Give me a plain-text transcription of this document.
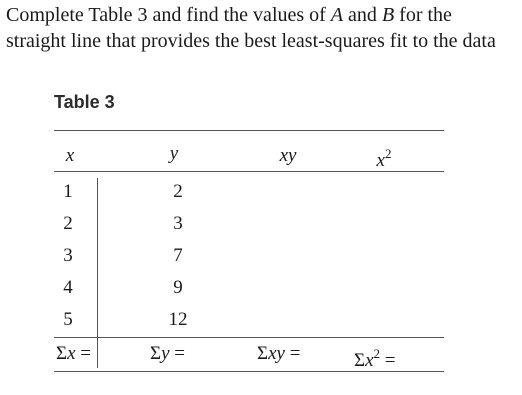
Complete Table 3 and find the values of A and B for the
straight line that provides the best least-squares fit to the data
Table 3
x	y	xy	$x^2$
1	2
2	3
3	7
4	9
5	12
Σx =	Σy =	Σxy =	$\Sigma x^2$ =
